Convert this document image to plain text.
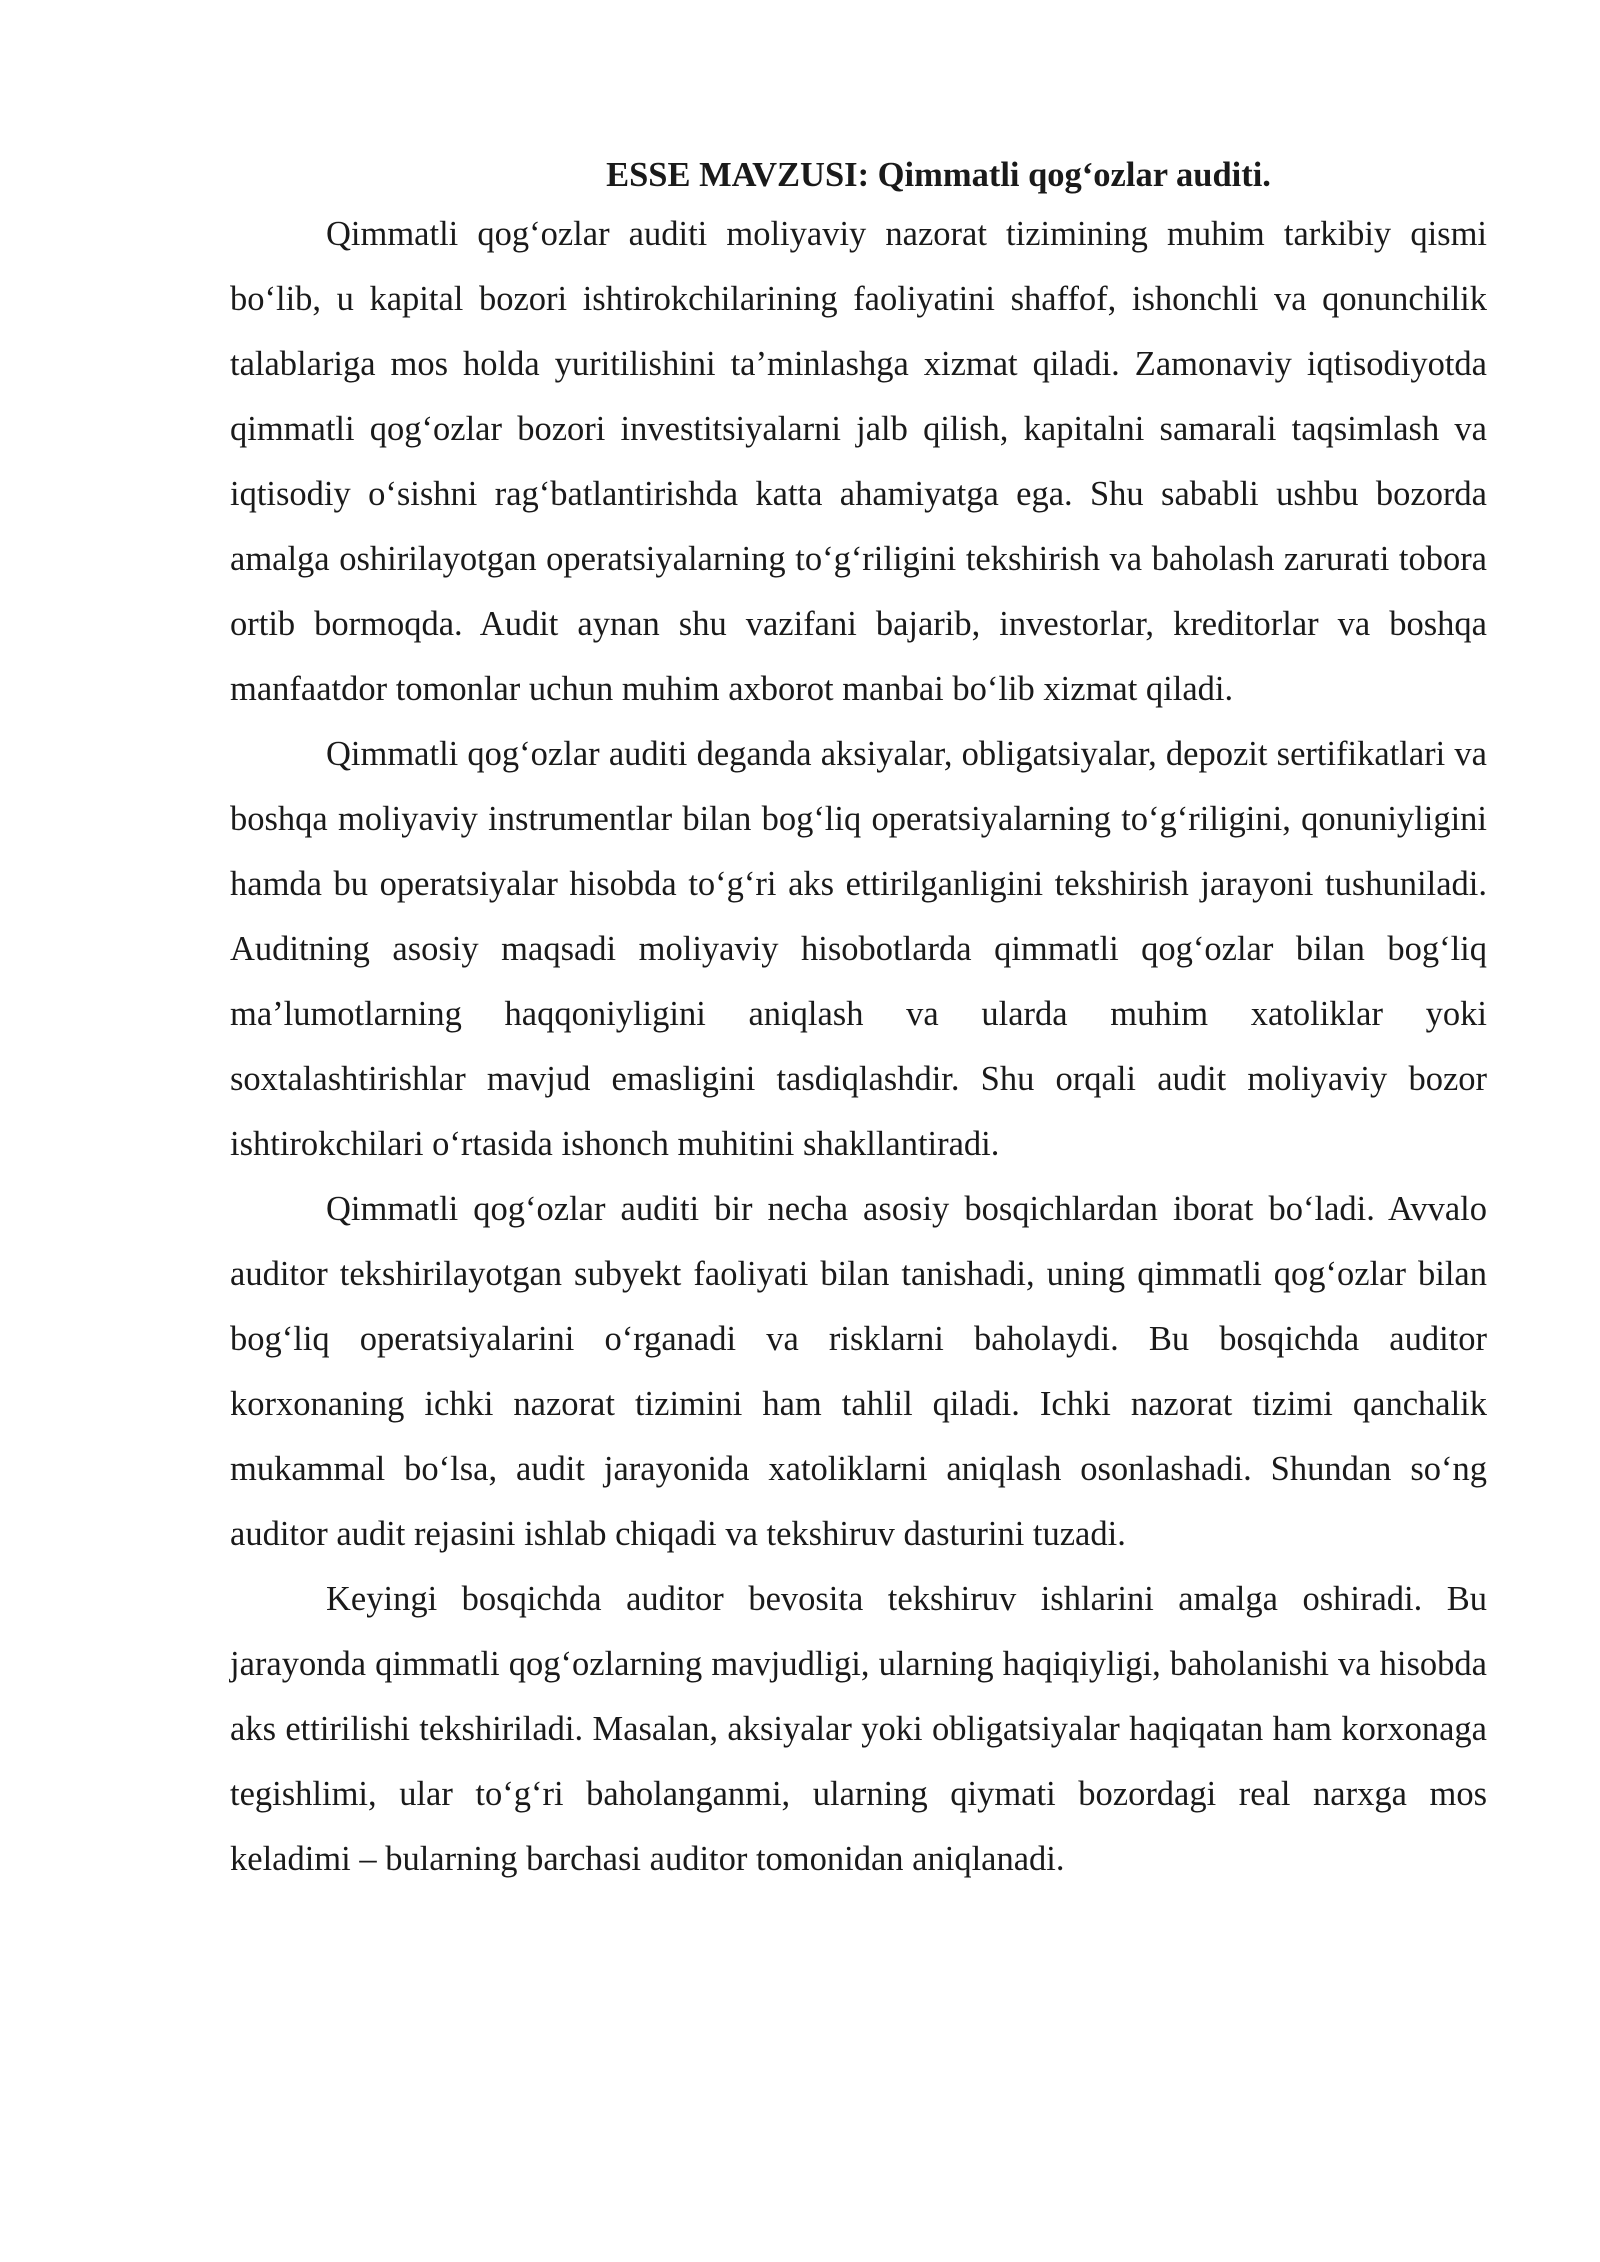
ESSE MAVZUSI: Qimmatli qog‘ozlar auditi.

Qimmatli qog‘ozlar auditi moliyaviy nazorat tizimining muhim tarkibiy qismi bo‘lib, u kapital bozori ishtirokchilarining faoliyatini shaffof, ishonchli va qonunchilik talablariga mos holda yuritilishini ta’minlashga xizmat qiladi. Zamonaviy iqtisodiyotda qimmatli qog‘ozlar bozori investitsiyalarni jalb qilish, kapitalni samarali taqsimlash va iqtisodiy o‘sishni rag‘batlantirishda katta ahamiyatga ega. Shu sababli ushbu bozorda amalga oshirilayotgan operatsiyalarning to‘g‘riligini tekshirish va baholash zarurati tobora ortib bormoqda. Audit aynan shu vazifani bajarib, investorlar, kreditorlar va boshqa manfaatdor tomonlar uchun muhim axborot manbai bo‘lib xizmat qiladi.

Qimmatli qog‘ozlar auditi deganda aksiyalar, obligatsiyalar, depozit sertifikatlari va boshqa moliyaviy instrumentlar bilan bog‘liq operatsiyalarning to‘g‘riligini, qonuniyligini hamda bu operatsiyalar hisobda to‘g‘ri aks ettirilganligini tekshirish jarayoni tushuniladi. Auditning asosiy maqsadi moliyaviy hisobotlarda qimmatli qog‘ozlar bilan bog‘liq ma’lumotlarning haqqoniyligini aniqlash va ularda muhim xatoliklar yoki soxtalashtirishlar mavjud emasligini tasdiqlashdir. Shu orqali audit moliyaviy bozor ishtirokchilari o‘rtasida ishonch muhitini shakllantiradi.

Qimmatli qog‘ozlar auditi bir necha asosiy bosqichlardan iborat bo‘ladi. Avvalo auditor tekshirilayotgan subyekt faoliyati bilan tanishadi, uning qimmatli qog‘ozlar bilan bog‘liq operatsiyalarini o‘rganadi va risklarni baholaydi. Bu bosqichda auditor korxonaning ichki nazorat tizimini ham tahlil qiladi. Ichki nazorat tizimi qanchalik mukammal bo‘lsa, audit jarayonida xatoliklarni aniqlash osonlashadi. Shundan so‘ng auditor audit rejasini ishlab chiqadi va tekshiruv dasturini tuzadi.

Keyingi bosqichda auditor bevosita tekshiruv ishlarini amalga oshiradi. Bu jarayonda qimmatli qog‘ozlarning mavjudligi, ularning haqiqiyligi, baholanishi va hisobda aks ettirilishi tekshiriladi. Masalan, aksiyalar yoki obligatsiyalar haqiqatan ham korxonaga tegishlimi, ular to‘g‘ri baholanganmi, ularning qiymati bozordagi real narxga mos keladimi – bularning barchasi auditor tomonidan aniqlanadi.
